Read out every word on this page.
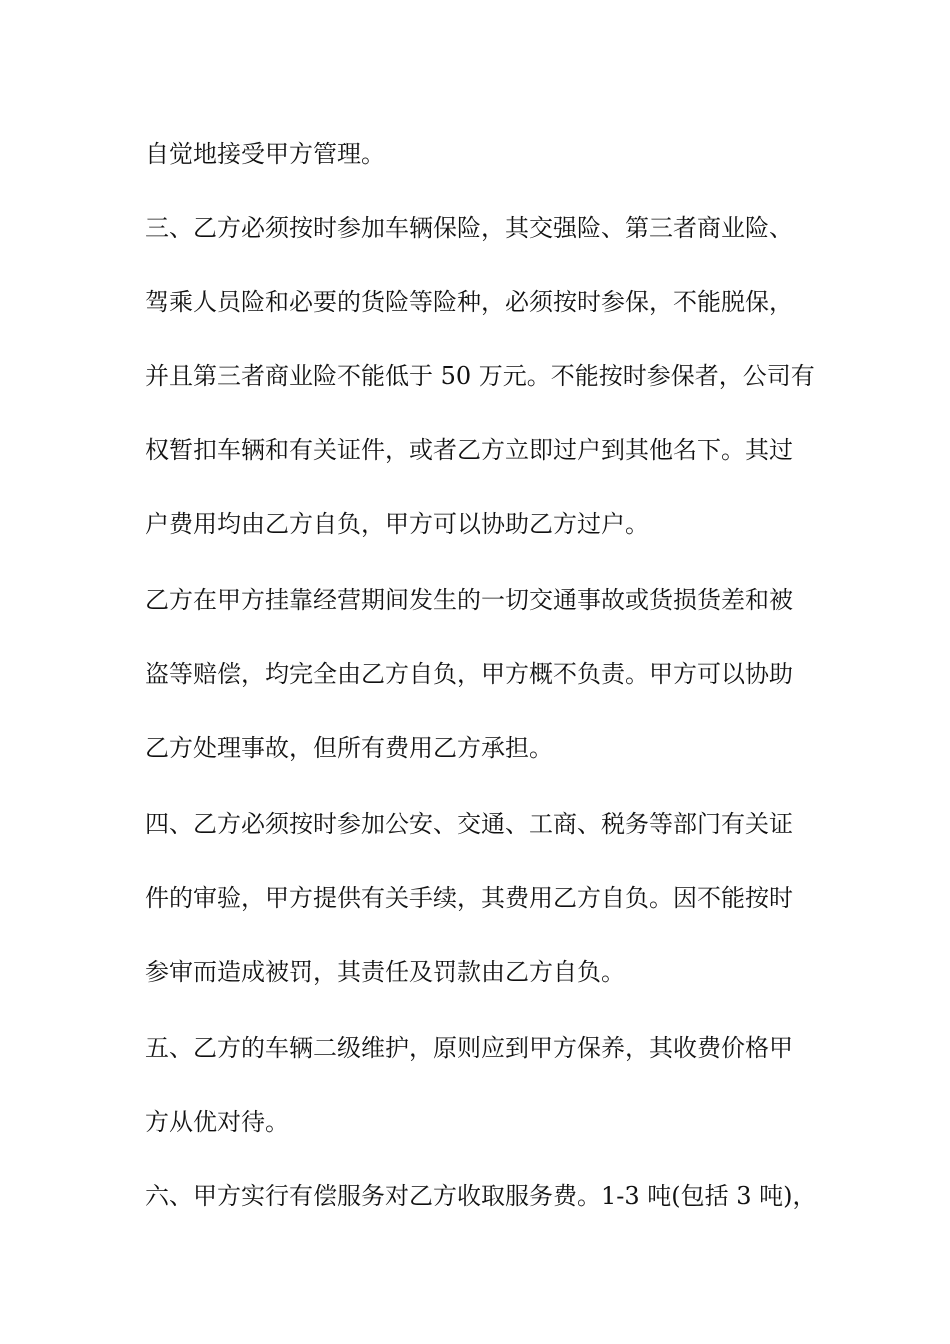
自觉地接受甲方管理。
三、乙方必须按时参加车辆保险，其交强险、第三者商业险、
驾乘人员险和必要的货险等险种，必须按时参保，不能脱保，
并且第三者商业险不能低于 50 万元。不能按时参保者，公司有
权暂扣车辆和有关证件，或者乙方立即过户到其他名下。其过
户费用均由乙方自负，甲方可以协助乙方过户。
乙方在甲方挂靠经营期间发生的一切交通事故或货损货差和被
盗等赔偿，均完全由乙方自负，甲方概不负责。甲方可以协助
乙方处理事故，但所有费用乙方承担。
四、乙方必须按时参加公安、交通、工商、税务等部门有关证
件的审验，甲方提供有关手续，其费用乙方自负。因不能按时
参审而造成被罚，其责任及罚款由乙方自负。
五、乙方的车辆二级维护，原则应到甲方保养，其收费价格甲
方从优对待。
六、甲方实行有偿服务对乙方收取服务费。1-3 吨(包括 3 吨)，
